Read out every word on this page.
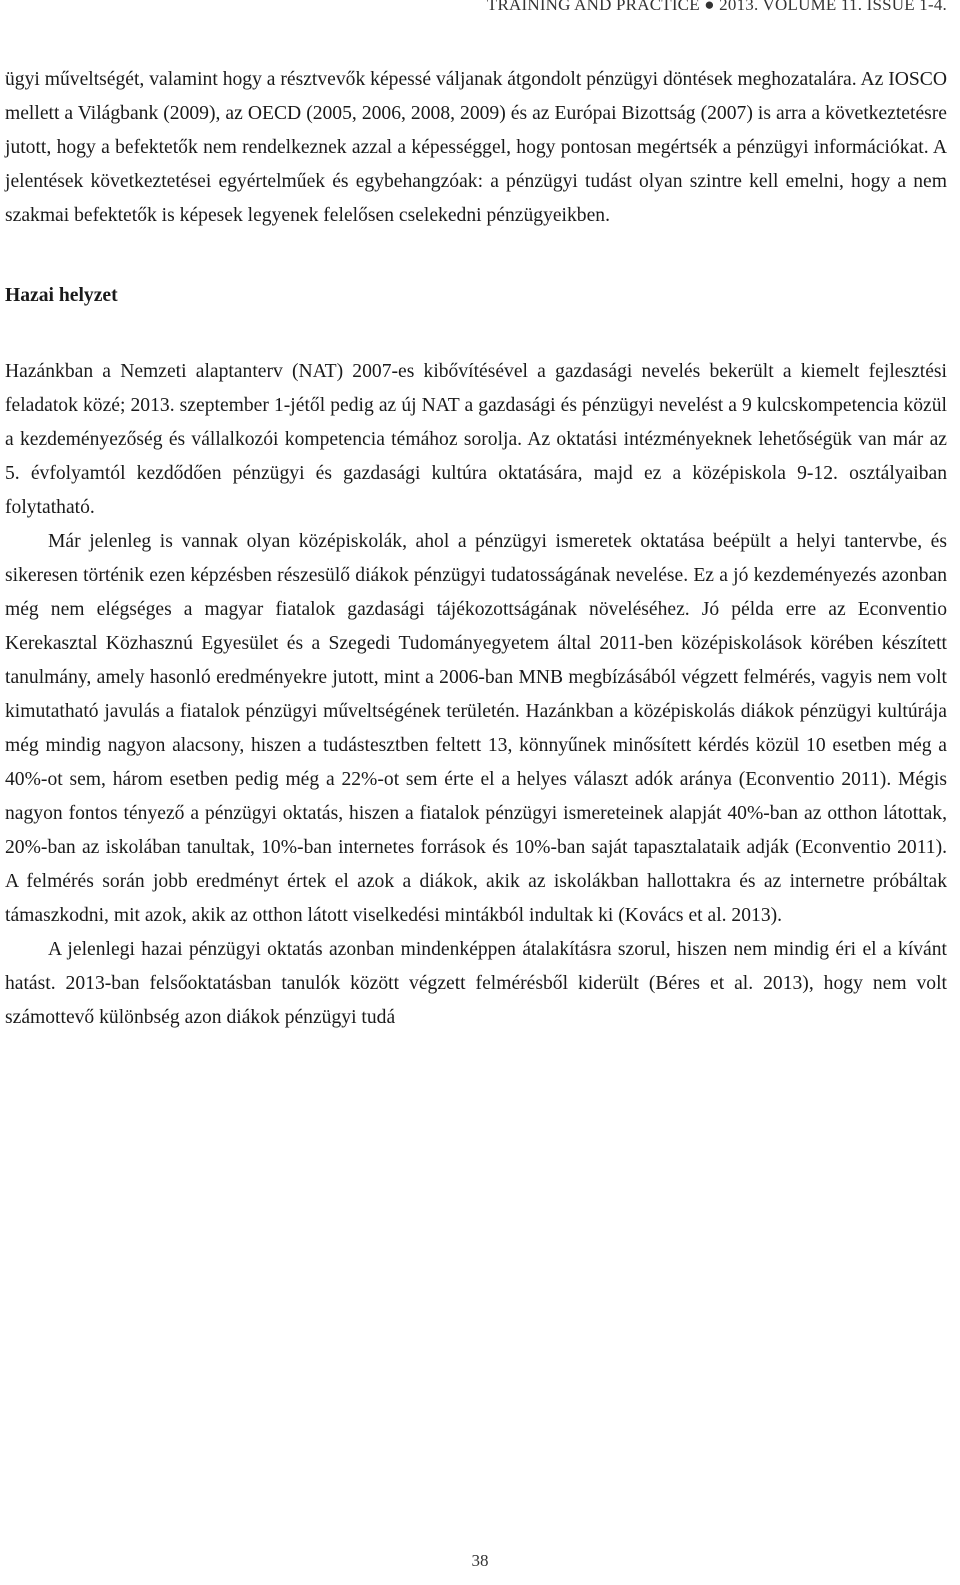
TRAINING AND PRACTICE ● 2013. VOLUME 11. ISSUE 1-4.

ügyi műveltségét, valamint hogy a résztvevők képessé váljanak átgondolt pénzügyi döntések meghozatalára. Az IOSCO mellett a Világbank (2009), az OECD (2005, 2006, 2008, 2009) és az Európai Bizottság (2007) is arra a következtetésre jutott, hogy a befektetők nem rendelkeznek azzal a képességgel, hogy pontosan megértsék a pénzügyi információkat. A jelentések következtetései egyértelműek és egybehangzóak: a pénzügyi tudást olyan szintre kell emelni, hogy a nem szakmai befektetők is képesek legyenek felelősen cselekedni pénzügyeikben.

Hazai helyzet

Hazánkban a Nemzeti alaptanterv (NAT) 2007-es kibővítésével a gazdasági nevelés bekerült a kiemelt fejlesztési feladatok közé; 2013. szeptember 1-jétől pedig az új NAT a gazdasági és pénzügyi nevelést a 9 kulcskompetencia közül a kezdeményezőség és vállalkozói kompetencia témához sorolja. Az oktatási intézményeknek lehetőségük van már az 5. évfolyamtól kezdődően pénzügyi és gazdasági kultúra oktatására, majd ez a középiskola 9-12. osztályaiban folytatható.

Már jelenleg is vannak olyan középiskolák, ahol a pénzügyi ismeretek oktatása beépült a helyi tantervbe, és sikeresen történik ezen képzésben részesülő diákok pénzügyi tudatosságának nevelése. Ez a jó kezdeményezés azonban még nem elégséges a magyar fiatalok gazdasági tájékozottságának növeléséhez. Jó példa erre az Econventio Kerekasztal Közhasznú Egyesület és a Szegedi Tudományegyetem által 2011-ben középiskolások körében készített tanulmány, amely hasonló eredményekre jutott, mint a 2006-ban MNB megbízásából végzett felmérés, vagyis nem volt kimutatható javulás a fiatalok pénzügyi műveltségének területén. Hazánkban a középiskolás diákok pénzügyi kultúrája még mindig nagyon alacsony, hiszen a tudástesztben feltett 13, könnyűnek minősített kérdés közül 10 esetben még a 40%-ot sem, három esetben pedig még a 22%-ot sem érte el a helyes választ adók aránya (Econventio 2011). Mégis nagyon fontos tényező a pénzügyi oktatás, hiszen a fiatalok pénzügyi ismereteinek alapját 40%-ban az otthon látottak, 20%-ban az iskolában tanultak, 10%-ban internetes források és 10%-ban saját tapasztalataik adják (Econventio 2011). A felmérés során jobb eredményt értek el azok a diákok, akik az iskolákban hallottakra és az internetre próbáltak támaszkodni, mit azok, akik az otthon látott viselkedési mintákból indultak ki (Kovács et al. 2013).

A jelenlegi hazai pénzügyi oktatás azonban mindenképpen átalakításra szorul, hiszen nem mindig éri el a kívánt hatást. 2013-ban felsőoktatásban tanulók között végzett felmérésből kiderült (Béres et al. 2013), hogy nem volt számottevő különbség azon diákok pénzügyi tudá

38
